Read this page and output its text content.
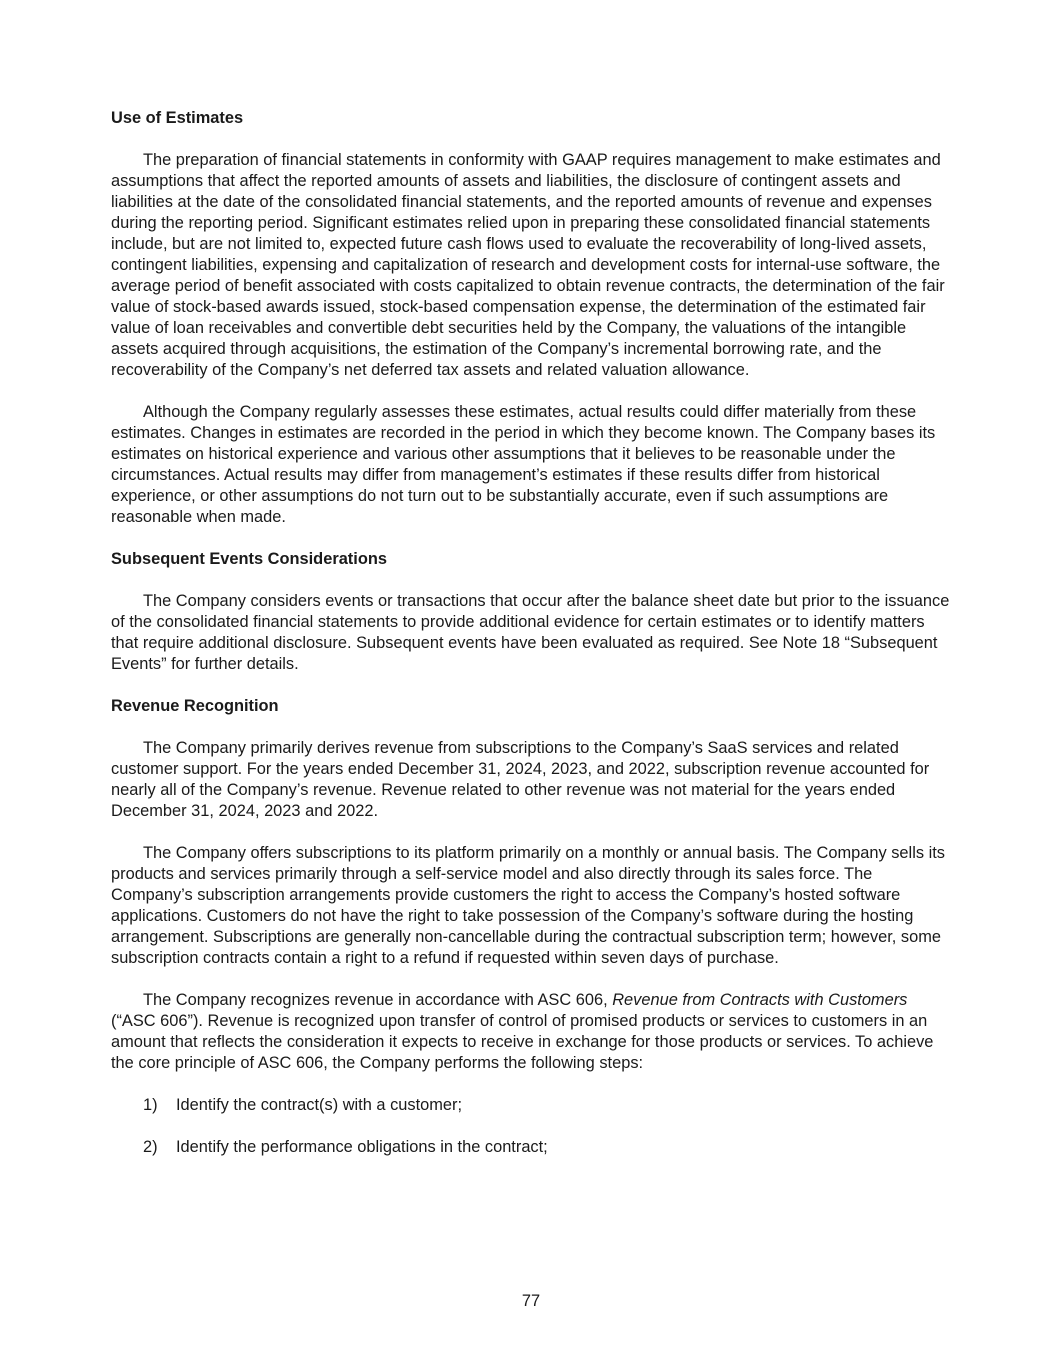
Use of Estimates

The preparation of financial statements in conformity with GAAP requires management to make estimates and assumptions that affect the reported amounts of assets and liabilities, the disclosure of contingent assets and liabilities at the date of the consolidated financial statements, and the reported amounts of revenue and expenses during the reporting period. Significant estimates relied upon in preparing these consolidated financial statements include, but are not limited to, expected future cash flows used to evaluate the recoverability of long-lived assets, contingent liabilities, expensing and capitalization of research and development costs for internal-use software, the average period of benefit associated with costs capitalized to obtain revenue contracts, the determination of the fair value of stock-based awards issued, stock-based compensation expense, the determination of the estimated fair value of loan receivables and convertible debt securities held by the Company, the valuations of the intangible assets acquired through acquisitions, the estimation of the Company’s incremental borrowing rate, and the recoverability of the Company’s net deferred tax assets and related valuation allowance.

Although the Company regularly assesses these estimates, actual results could differ materially from these estimates. Changes in estimates are recorded in the period in which they become known. The Company bases its estimates on historical experience and various other assumptions that it believes to be reasonable under the circumstances. Actual results may differ from management’s estimates if these results differ from historical experience, or other assumptions do not turn out to be substantially accurate, even if such assumptions are reasonable when made.

Subsequent Events Considerations

The Company considers events or transactions that occur after the balance sheet date but prior to the issuance of the consolidated financial statements to provide additional evidence for certain estimates or to identify matters that require additional disclosure. Subsequent events have been evaluated as required. See Note 18 “Subsequent Events” for further details.

Revenue Recognition

The Company primarily derives revenue from subscriptions to the Company’s SaaS services and related customer support. For the years ended December 31, 2024, 2023, and 2022, subscription revenue accounted for nearly all of the Company’s revenue. Revenue related to other revenue was not material for the years ended December 31, 2024, 2023 and 2022.

The Company offers subscriptions to its platform primarily on a monthly or annual basis. The Company sells its products and services primarily through a self-service model and also directly through its sales force. The Company’s subscription arrangements provide customers the right to access the Company’s hosted software applications. Customers do not have the right to take possession of the Company’s software during the hosting arrangement. Subscriptions are generally non-cancellable during the contractual subscription term; however, some subscription contracts contain a right to a refund if requested within seven days of purchase.

The Company recognizes revenue in accordance with ASC 606, Revenue from Contracts with Customers (“ASC 606”). Revenue is recognized upon transfer of control of promised products or services to customers in an amount that reflects the consideration it expects to receive in exchange for those products or services. To achieve the core principle of ASC 606, the Company performs the following steps:

1) Identify the contract(s) with a customer;
2) Identify the performance obligations in the contract;
77
